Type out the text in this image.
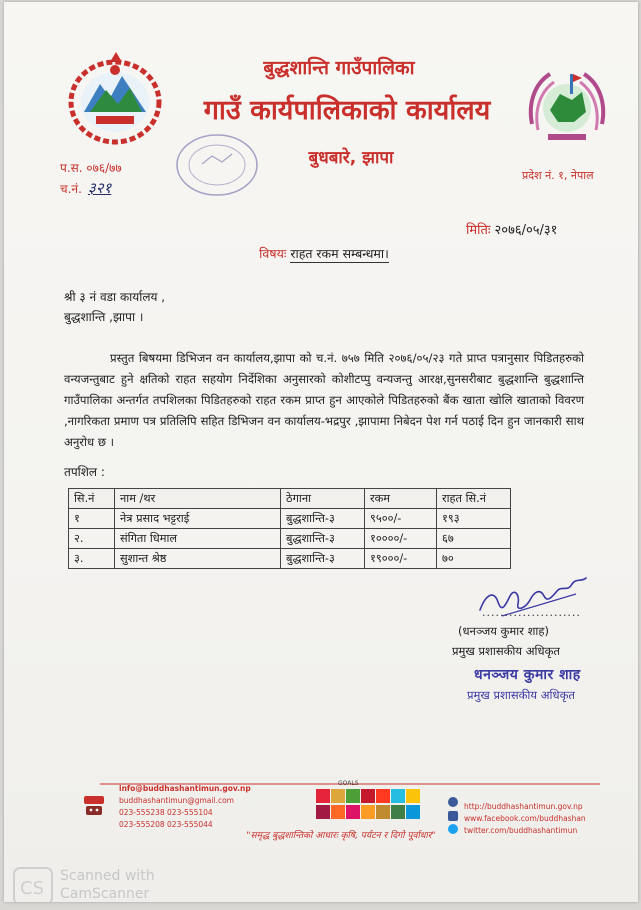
बुद्धशान्ति गाउँपालिका
गाउँ कार्यपालिकाको कार्यालय
बुधबारे, झापा
प.स. ०७६/७७
च.नं. ३२१
प्रदेश नं. १, नेपाल
मितिः २०७६/०५/३१
विषयः राहत रकम सम्बन्धमा।
श्री ३ नं वडा कार्यालय ,
बुद्धशान्ति ,झापा ।
प्रस्तुत बिषयमा डिभिजन वन कार्यालय,झापा को च.नं. ७५७ मिति २०७६/०५/२३ गते प्राप्त पत्रानुसार पिडितहरुको वन्यजन्तुबाट हुने क्षतिको राहत सहयोग निर्देशिका अनुसारको कोशीटप्पु वन्यजन्तु आरक्ष,सुनसरीबाट बुद्धशान्ति बुद्धशान्ति गाउँपालिका अन्तर्गत तपशिलका पिडितहरुको राहत रकम प्राप्त हुन आएकोले पिडितहरुको बैंक खाता खोलि खाताको विवरण ,नागरिकता प्रमाण पत्र प्रतिलिपि सहित डिभिजन वन कार्यालय-भद्रपुर ,झापामा निबेदन पेश गर्न पठाई दिन हुन जानकारी साथ अनुरोध छ ।
तपशिल :
सि.नं	नाम /थर	ठेगाना	रकम	राहत सि.नं
१	नेत्र प्रसाद भट्टराई	बुद्धशान्ति-३	९५००/-	१९३
२.	संगिता धिमाल	बुद्धशान्ति-३	१००००/-	६७
३.	सुशान्त श्रेष्ठ	बुद्धशान्ति-३	१९०००/-	७०
......................
(धनञ्जय कुमार शाह)
प्रमुख प्रशासकीय अधिकृत
धनञ्जय कुमार शाह
प्रमुख प्रशासकीय अधिकृत
info@buddhashantimun.gov.np
buddhashantimun@gmail.com
023-555238 023-555104
023-555208 023-555044
GOALS
http://buddhashantimun.gov.np
www.facebook.com/buddhashan
twitter.com/buddhashantimun
"समृद्ध बुद्धशान्तिको आधारः कृषि, पर्यटन र दिगो पूर्वाधार"
CS
Scanned with
CamScanner
